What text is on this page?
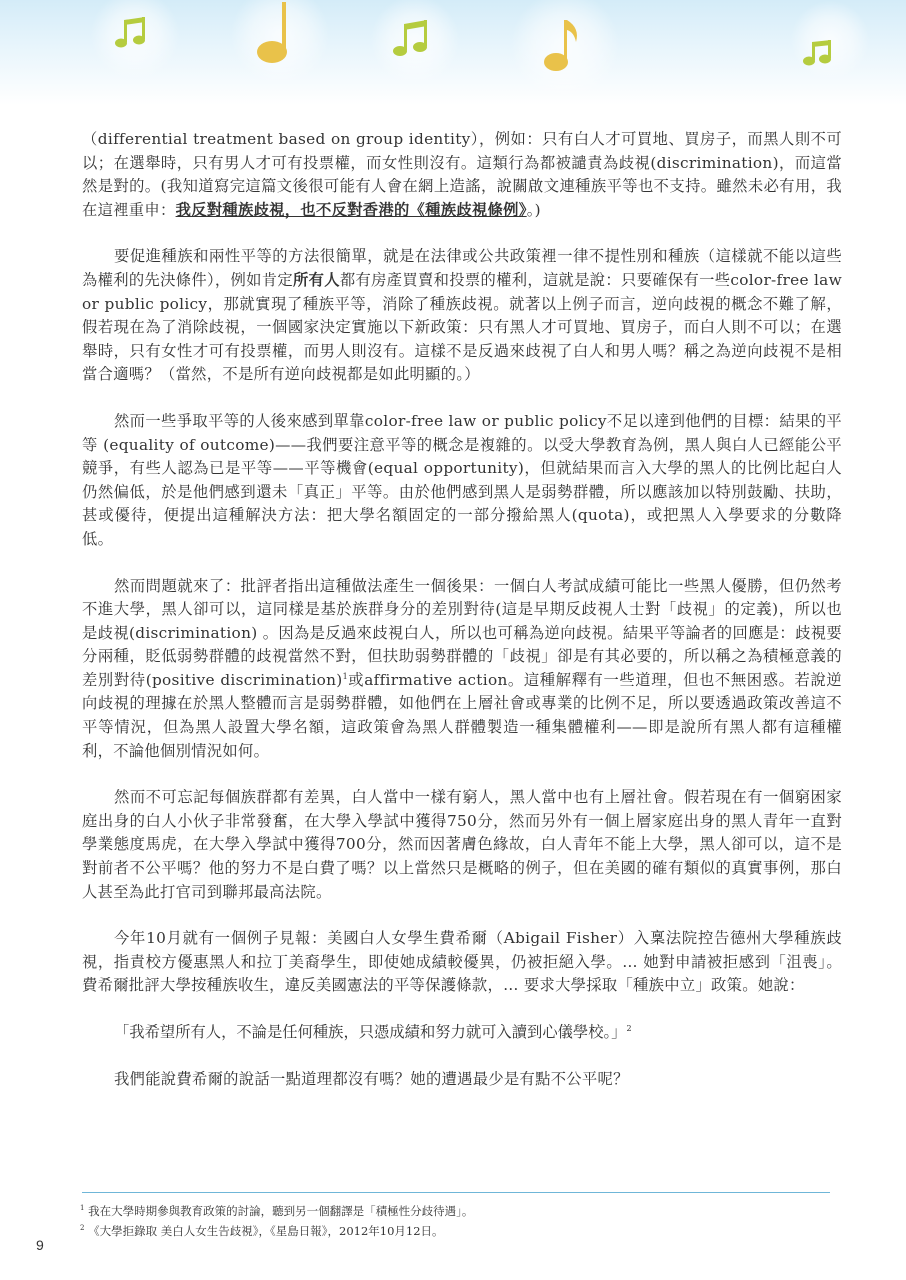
（differential treatment based on group identity），例如：只有白人才可買地、買房子，而黑人則不可以；在選舉時，只有男人才可有投票權，而女性則沒有。這類行為都被譴責為歧視(discrimination)，而這當然是對的。(我知道寫完這篇文後很可能有人會在網上造謠，說關啟文連種族平等也不支持。雖然未必有用，我在這裡重申：我反對種族歧視，也不反對香港的《種族歧視條例》。)

要促進種族和兩性平等的方法很簡單，就是在法律或公共政策裡一律不提性別和種族（這樣就不能以這些為權利的先決條件），例如肯定所有人都有房產買賣和投票的權利，這就是說：只要確保有一些color-free law or public policy，那就實現了種族平等，消除了種族歧視。就著以上例子而言，逆向歧視的概念不難了解，假若現在為了消除歧視，一個國家決定實施以下新政策：只有黑人才可買地、買房子，而白人則不可以；在選舉時，只有女性才可有投票權，而男人則沒有。這樣不是反過來歧視了白人和男人嗎？稱之為逆向歧視不是相當合適嗎？（當然，不是所有逆向歧視都是如此明顯的。）

然而一些爭取平等的人後來感到單靠color-free law or public policy不足以達到他們的目標：結果的平等 (equality of outcome)——我們要注意平等的概念是複雜的。以受大學教育為例，黑人與白人已經能公平競爭，有些人認為已是平等——平等機會(equal opportunity)，但就結果而言入大學的黑人的比例比起白人仍然偏低，於是他們感到還未「真正」平等。由於他們感到黑人是弱勢群體，所以應該加以特別鼓勵、扶助，甚或優待，便提出這種解決方法：把大學名額固定的一部分撥給黑人(quota)，或把黑人入學要求的分數降低。

然而問題就來了：批評者指出這種做法產生一個後果：一個白人考試成績可能比一些黑人優勝，但仍然考不進大學，黑人卻可以，這同樣是基於族群身分的差別對待(這是早期反歧視人士對「歧視」的定義)，所以也是歧視(discrimination) 。因為是反過來歧視白人，所以也可稱為逆向歧視。結果平等論者的回應是：歧視要分兩種，貶低弱勢群體的歧視當然不對，但扶助弱勢群體的「歧視」卻是有其必要的，所以稱之為積極意義的差別對待(positive discrimination)$^1$或affirmative action。這種解釋有一些道理，但也不無困惑。若說逆向歧視的理據在於黑人整體而言是弱勢群體，如他們在上層社會或專業的比例不足，所以要透過政策改善這不平等情況，但為黑人設置大學名額，這政策會為黑人群體製造一種集體權利——即是說所有黑人都有這種權利，不論他個別情況如何。

然而不可忘記每個族群都有差異，白人當中一樣有窮人，黑人當中也有上層社會。假若現在有一個窮困家庭出身的白人小伙子非常發奮，在大學入學試中獲得750分，然而另外有一個上層家庭出身的黑人青年一直對學業態度馬虎，在大學入學試中獲得700分，然而因著膚色緣故，白人青年不能上大學，黑人卻可以，這不是對前者不公平嗎？他的努力不是白費了嗎？以上當然只是概略的例子，但在美國的確有類似的真實事例，那白人甚至為此打官司到聯邦最高法院。

今年10月就有一個例子見報：美國白人女學生費希爾（Abigail Fisher）入稟法院控告德州大學種族歧視，指責校方優惠黑人和拉丁美裔學生，即使她成績較優異，仍被拒絕入學。… 她對申請被拒感到「沮喪」。費希爾批評大學按種族收生，違反美國憲法的平等保護條款，… 要求大學採取「種族中立」政策。她說：

「我希望所有人，不論是任何種族，只憑成績和努力就可入讀到心儀學校。」$^2$

我們能說費希爾的說話一點道理都沒有嗎？她的遭遇最少是有點不公平呢？

$^1$ 我在大學時期參與教育政策的討論，聽到另一個翻譯是「積極性分歧待遇」。

$^2$ 《大學拒錄取 美白人女生告歧視》，《星島日報》，2012年10月12日。

9
